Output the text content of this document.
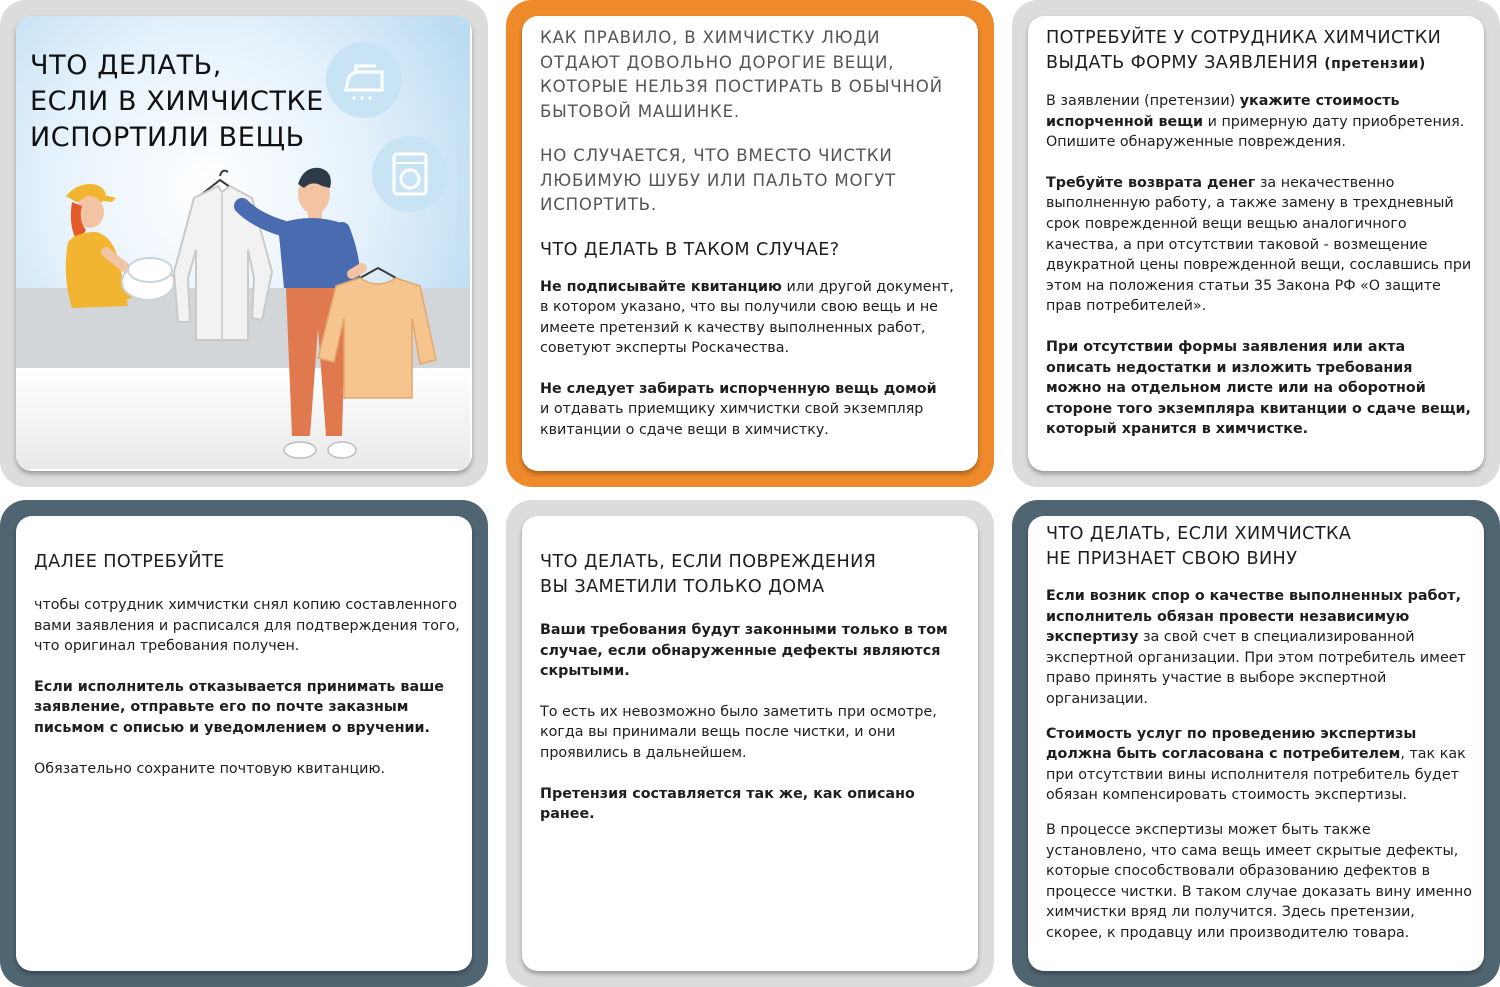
ЧТО ДЕЛАТЬ,
ЕСЛИ В ХИМЧИСТКЕ
ИСПОРТИЛИ ВЕЩЬ

КАК ПРАВИЛО, В ХИМЧИСТКУ ЛЮДИ ОТДАЮТ ДОВОЛЬНО ДОРОГИЕ ВЕЩИ, КОТОРЫЕ НЕЛЬЗЯ ПОСТИРАТЬ В ОБЫЧНОЙ БЫТОВОЙ МАШИНКЕ.

НО СЛУЧАЕТСЯ, ЧТО ВМЕСТО ЧИСТКИ ЛЮБИМУЮ ШУБУ ИЛИ ПАЛЬТО МОГУТ ИСПОРТИТЬ.

ЧТО ДЕЛАТЬ В ТАКОМ СЛУЧАЕ?

Не подписывайте квитанцию или другой документ, в котором указано, что вы получили свою вещь и не имеете претензий к качеству выполненных работ, советуют эксперты Роскачества.

Не следует забирать испорченную вещь домой
и отдавать приемщику химчистки свой экземпляр квитанции о сдаче вещи в химчистку.

ПОТРЕБУЙТЕ У СОТРУДНИКА ХИМЧИСТКИ ВЫДАТЬ ФОРМУ ЗАЯВЛЕНИЯ (претензии)

В заявлении (претензии) укажите стоимость испорченной вещи и примерную дату приобретения. Опишите обнаруженные повреждения.

Требуйте возврата денег за некачественно выполненную работу, а также замену в трехдневный срок поврежденной вещи вещью аналогичного качества, а при отсутствии таковой - возмещение двукратной цены поврежденной вещи, сославшись при этом на положения статьи 35 Закона РФ «О защите прав потребителей».

При отсутствии формы заявления или акта описать недостатки и изложить требования можно на отдельном листе или на оборотной стороне того экземпляра квитанции о сдаче вещи, который хранится в химчистке.

ДАЛЕЕ ПОТРЕБУЙТЕ

чтобы сотрудник химчистки снял копию составленного вами заявления и расписался для подтверждения того, что оригинал требования получен.

Если исполнитель отказывается принимать ваше заявление, отправьте его по почте заказным письмом с описью и уведомлением о вручении.

Обязательно сохраните почтовую квитанцию.

ЧТО ДЕЛАТЬ, ЕСЛИ ПОВРЕЖДЕНИЯ
ВЫ ЗАМЕТИЛИ ТОЛЬКО ДОМА

Ваши требования будут законными только в том случае, если обнаруженные дефекты являются скрытыми.

То есть их невозможно было заметить при осмотре, когда вы принимали вещь после чистки, и они проявились в дальнейшем.

Претензия составляется так же, как описано ранее.

ЧТО ДЕЛАТЬ, ЕСЛИ ХИМЧИСТКА
НЕ ПРИЗНАЕТ СВОЮ ВИНУ

Если возник спор о качестве выполненных работ, исполнитель обязан провести независимую экспертизу за свой счет в специализированной экспертной организации. При этом потребитель имеет право принять участие в выборе экспертной организации.

Стоимость услуг по проведению экспертизы должна быть согласована с потребителем, так как при отсутствии вины исполнителя потребитель будет обязан компенсировать стоимость экспертизы.

В процессе экспертизы может быть также установлено, что сама вещь имеет скрытые дефекты, которые способствовали образованию дефектов в процессе чистки. В таком случае доказать вину именно химчистки вряд ли получится. Здесь претензии, скорее, к продавцу или производителю товара.
